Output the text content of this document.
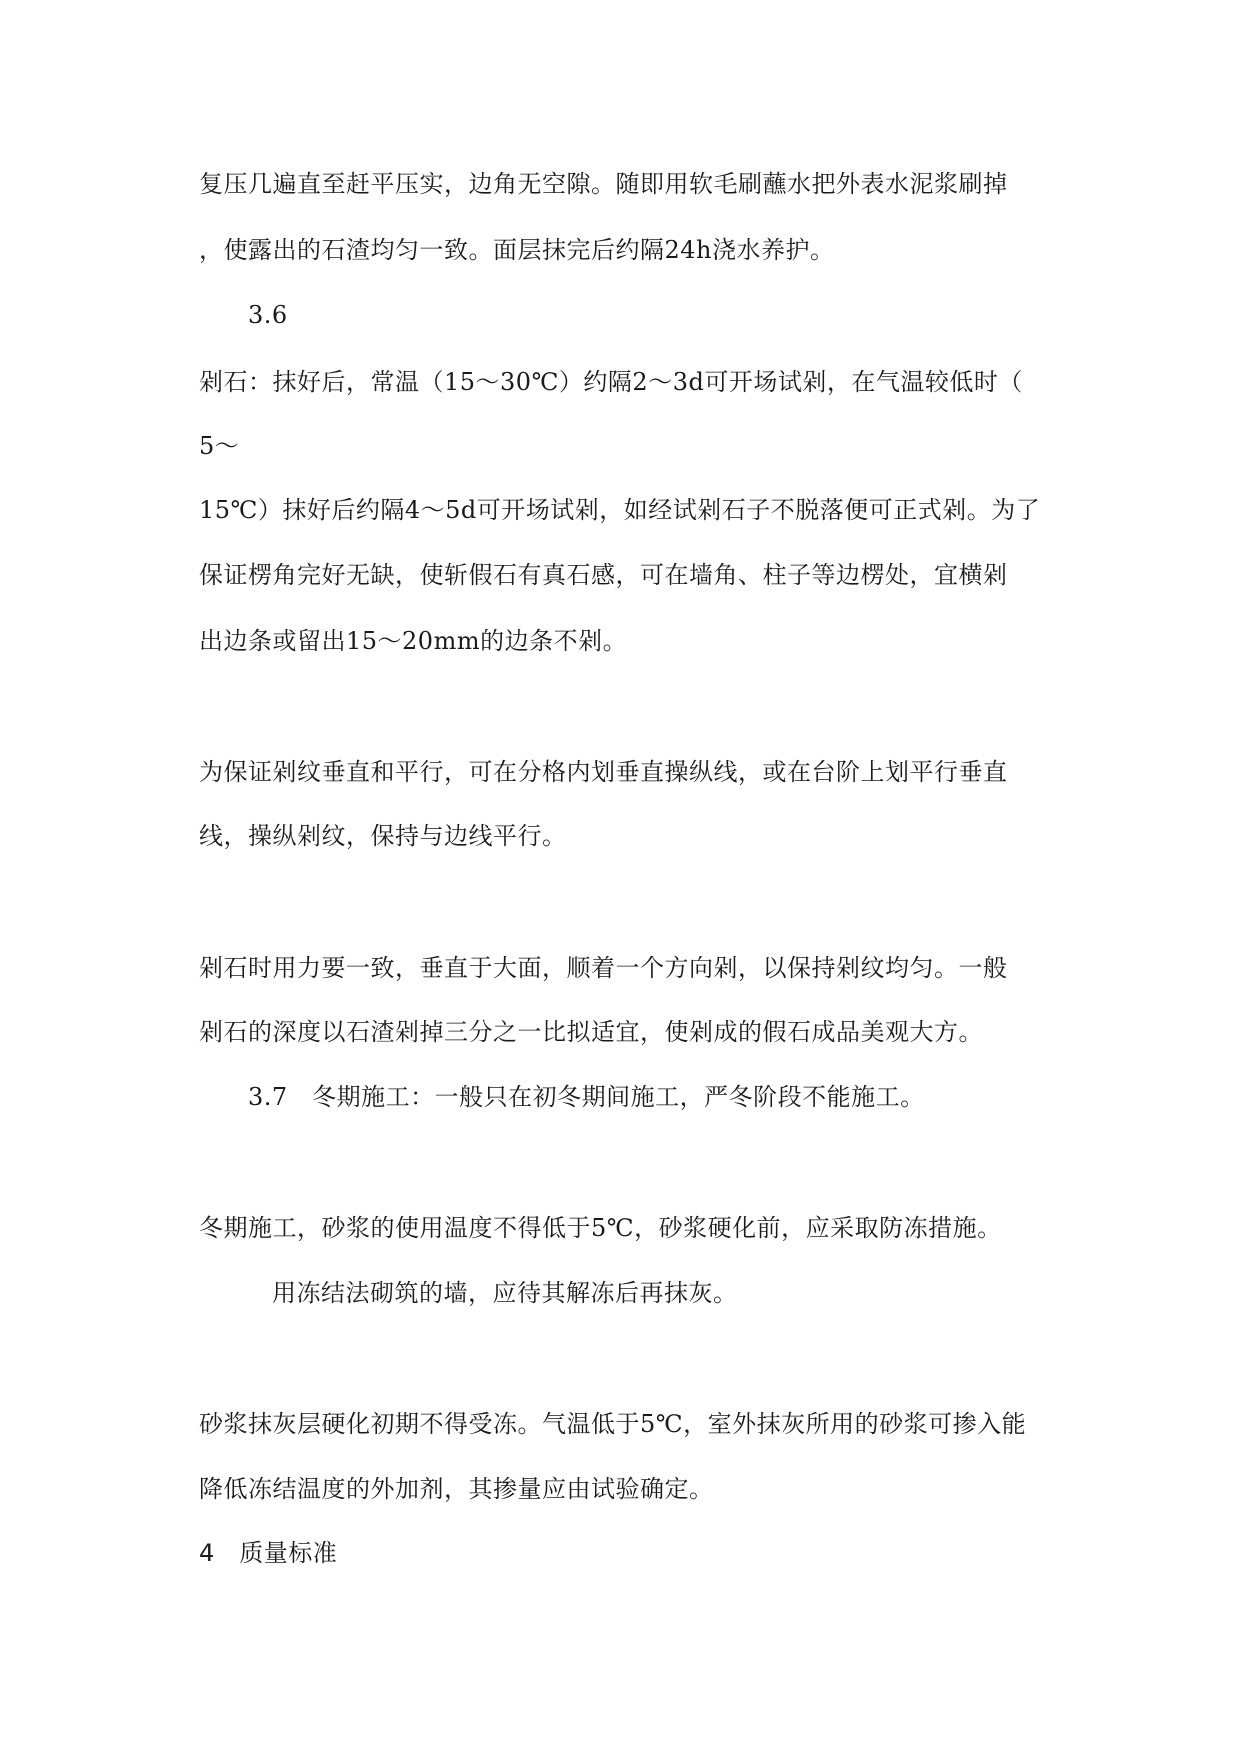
复压几遍直至赶平压实，边角无空隙。随即用软毛刷蘸水把外表水泥浆刷掉
，使露出的石渣均匀一致。面层抹完后约隔24h浇水养护。
3.6
剁石：抹好后，常温（15～30℃）约隔2～3d可开场试剁，在气温较低时（
5～
15℃）抹好后约隔4～5d可开场试剁，如经试剁石子不脱落便可正式剁。为了
保证楞角完好无缺，使斩假石有真石感，可在墙角、柱子等边楞处，宜横剁
出边条或留出15～20mm的边条不剁。
为保证剁纹垂直和平行，可在分格内划垂直操纵线，或在台阶上划平行垂直
线，操纵剁纹，保持与边线平行。
剁石时用力要一致，垂直于大面，顺着一个方向剁，以保持剁纹均匀。一般
剁石的深度以石渣剁掉三分之一比拟适宜，使剁成的假石成品美观大方。
3.7　冬期施工：一般只在初冬期间施工，严冬阶段不能施工。
冬期施工，砂浆的使用温度不得低于5℃，砂浆硬化前，应采取防冻措施。
用冻结法砌筑的墙，应待其解冻后再抹灰。
砂浆抹灰层硬化初期不得受冻。气温低于5℃，室外抹灰所用的砂浆可掺入能
降低冻结温度的外加剂，其掺量应由试验确定。
4　质量标准
